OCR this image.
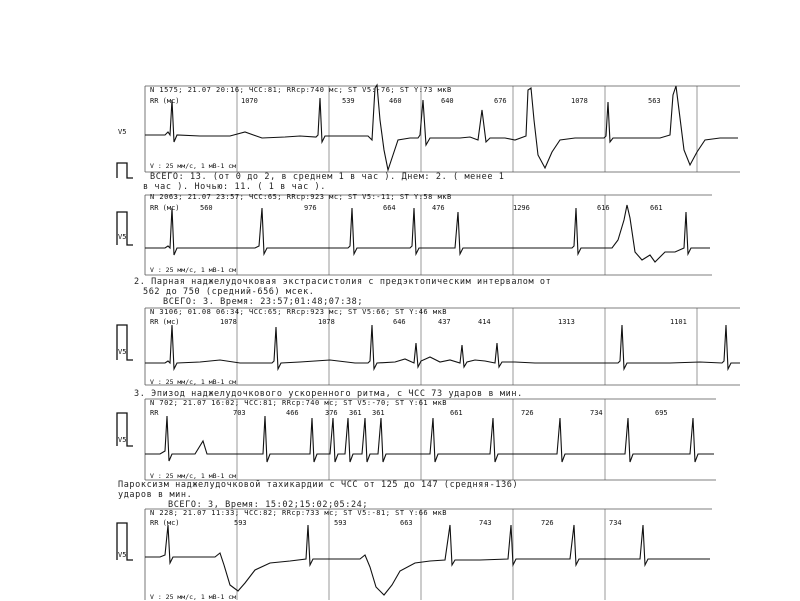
N 1575; 21.07 20:16; ЧСС:81; RRср:740 мс; ST V5:-76; ST Y:73 мкВ
RR (мс)	1070	539	460	640	676	1078	563
V5
V : 25 мм/с, 1 мВ-1 см
ВСЕГО: 13. (от 0 до 2, в среднем 1 в час ). Днем: 2. ( менее 1
в час ). Ночью: 11. ( 1 в час ).
N 2063; 21.07 23:57; ЧСС:65; RRср:923 мс; ST V5:-11; ST Y:58 мкВ
RR (мс)	560	976	664	476	1296	616	661
V5
V : 25 мм/с, 1 мВ-1 см
2. Парная наджелудочковая экстрасистолия с предэктопическим интервалом от
562 до 750 (средний-656) мсек.
ВСЕГО: 3. Время: 23:57;01:48;07:38;
N 3106; 01.08 06:34; ЧСС:65; RRср:923 мс; ST V5:66; ST Y:46 мкВ
RR (мс)	1078	1078	646	437	414	1313	1101
V5
V : 25 мм/с, 1 мВ-1 см
3. Эпизод наджелудочкового ускоренного ритма, с ЧСС 73 ударов в мин.
N 702; 21.07 16:02; ЧСС:81; RRср:740 мс; ST V5:-70; ST Y:61 мкВ
RR	703	466	376 361 361	661	726	734	695
V5
V : 25 мм/с, 1 мВ-1 см
Пароксизм наджелудочковой тахикардии с ЧСС от 125 до 147 (средняя-136)
ударов в мин.
ВСЕГО: 3, Время: 15:02;15:02;05:24;
N 228; 21.07 11:33; ЧСС:82; RRср:733 мс; ST V5:-81; ST Y:66 мкВ
RR (мс)	593	593	663	743	726	734
V5
V : 25 мм/с, 1 мВ-1 см
